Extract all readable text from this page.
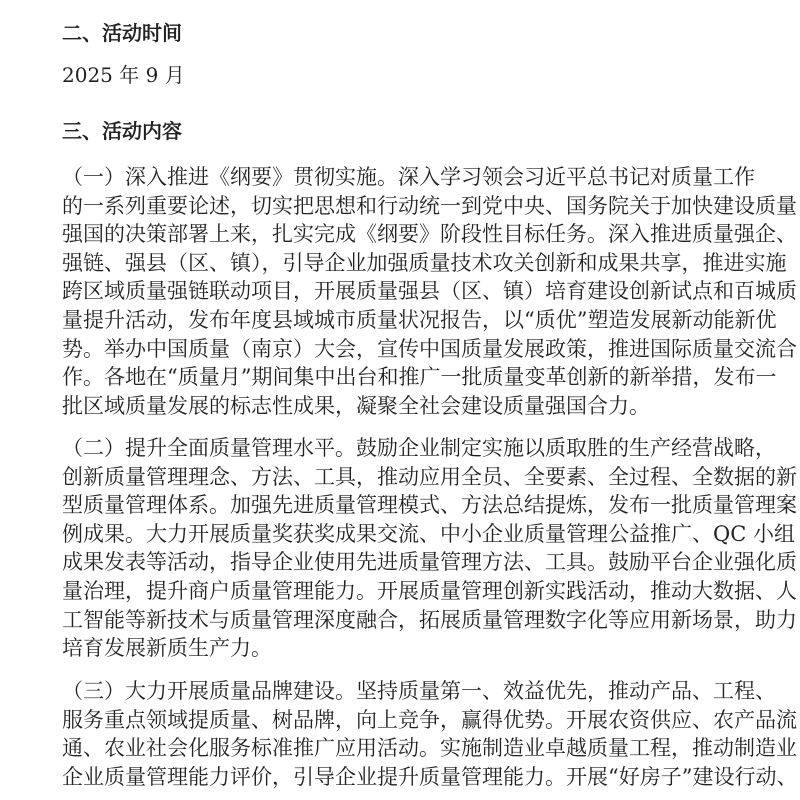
二、活动时间
2025 年 9 月
三、活动内容
（一）深入推进《纲要》贯彻实施。深入学习领会习近平总书记对质量工作
的一系列重要论述，切实把思想和行动统一到党中央、国务院关于加快建设质量
强国的决策部署上来，扎实完成《纲要》阶段性目标任务。深入推进质量强企、
强链、强县（区、镇），引导企业加强质量技术攻关创新和成果共享，推进实施
跨区域质量强链联动项目，开展质量强县（区、镇）培育建设创新试点和百城质
量提升活动，发布年度县域城市质量状况报告，以“质优”塑造发展新动能新优
势。举办中国质量（南京）大会，宣传中国质量发展政策，推进国际质量交流合
作。各地在“质量月”期间集中出台和推广一批质量变革创新的新举措，发布一
批区域质量发展的标志性成果，凝聚全社会建设质量强国合力。
（二）提升全面质量管理水平。鼓励企业制定实施以质取胜的生产经营战略，
创新质量管理理念、方法、工具，推动应用全员、全要素、全过程、全数据的新
型质量管理体系。加强先进质量管理模式、方法总结提炼，发布一批质量管理案
例成果。大力开展质量奖获奖成果交流、中小企业质量管理公益推广、QC 小组
成果发表等活动，指导企业使用先进质量管理方法、工具。鼓励平台企业强化质
量治理，提升商户质量管理能力。开展质量管理创新实践活动，推动大数据、人
工智能等新技术与质量管理深度融合，拓展质量管理数字化等应用新场景，助力
培育发展新质生产力。
（三）大力开展质量品牌建设。坚持质量第一、效益优先，推动产品、工程、
服务重点领域提质量、树品牌，向上竞争，赢得优势。开展农资供应、农产品流
通、农业社会化服务标准推广应用活动。实施制造业卓越质量工程，推动制造业
企业质量管理能力评价，引导企业提升质量管理能力。开展“好房子”建设行动、
